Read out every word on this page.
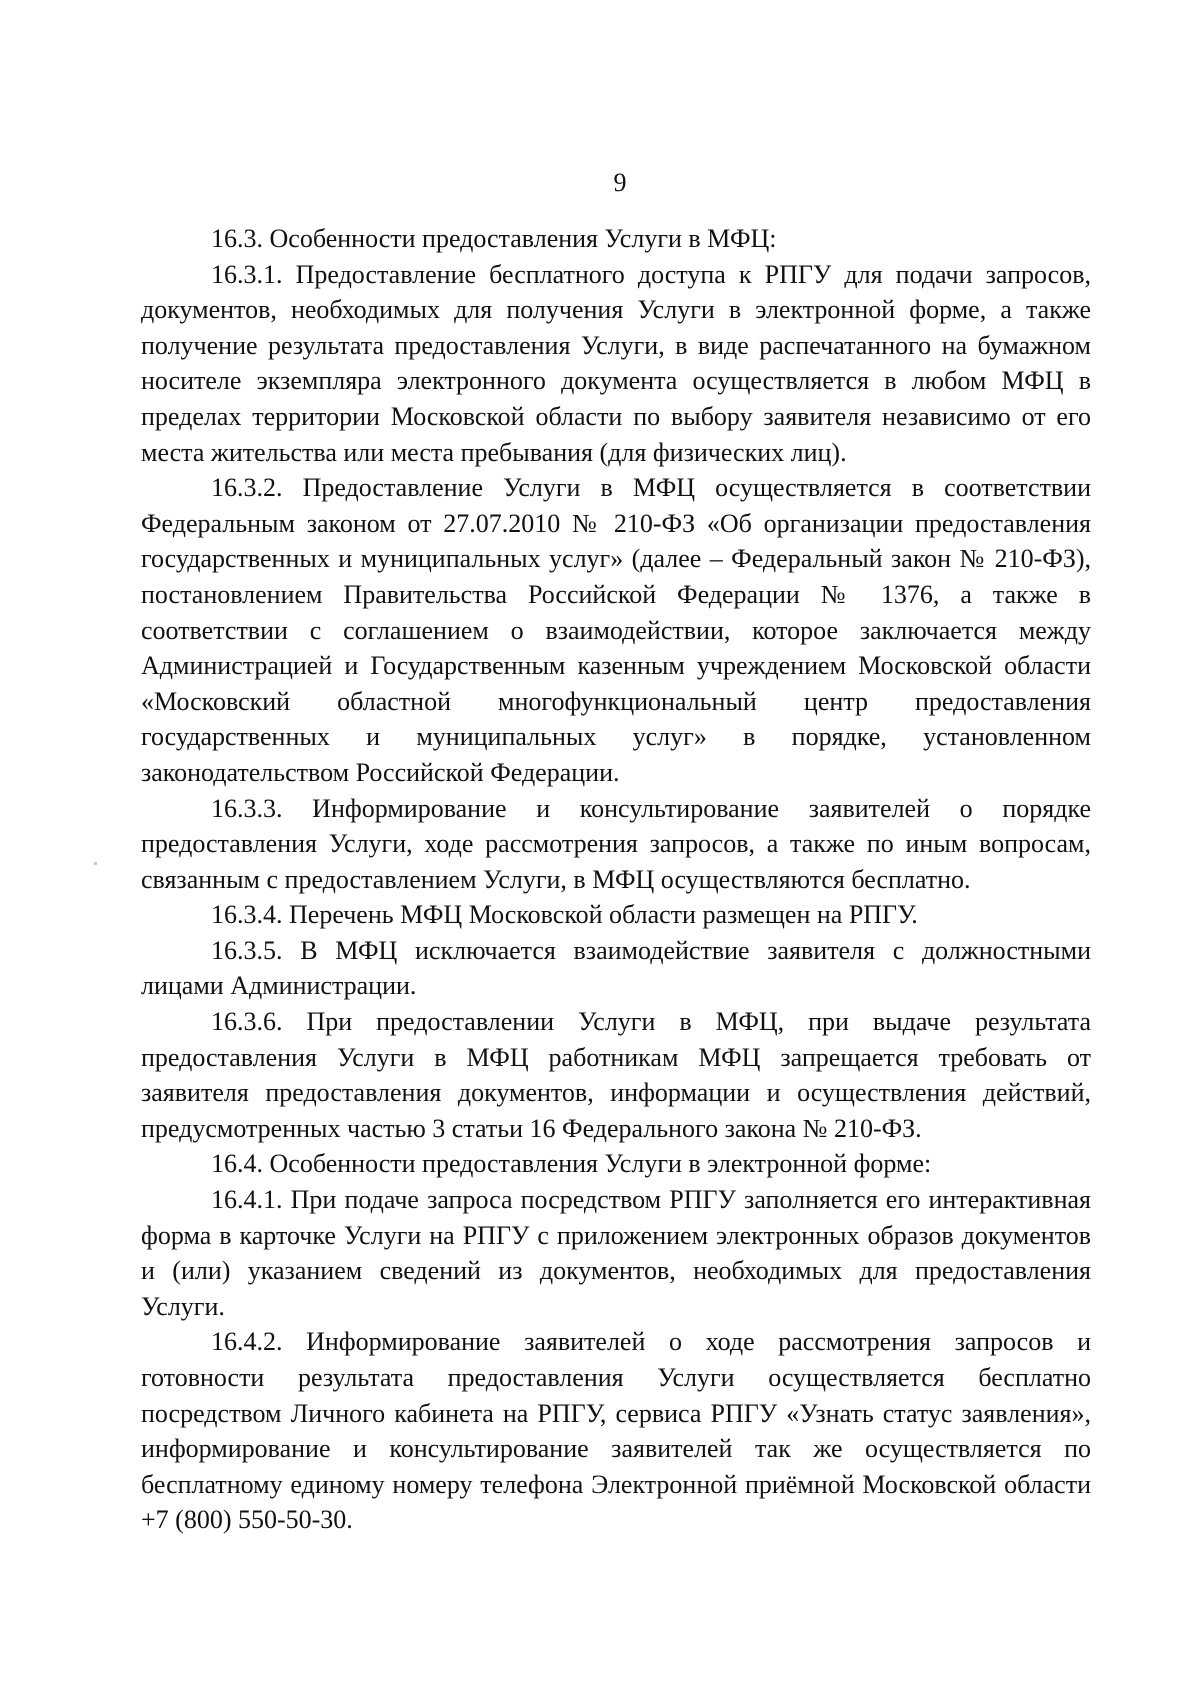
9

16.3. Особенности предоставления Услуги в МФЦ:

16.3.1. Предоставление бесплатного доступа к РПГУ для подачи запросов, документов, необходимых для получения Услуги в электронной форме, а также получение результата предоставления Услуги, в виде распечатанного на бумажном носителе экземпляра электронного документа осуществляется в любом МФЦ в пределах территории Московской области по выбору заявителя независимо от его места жительства или места пребывания (для физических лиц).

16.3.2. Предоставление Услуги в МФЦ осуществляется в соответствии Федеральным законом от 27.07.2010 № 210-ФЗ «Об организации предоставления государственных и муниципальных услуг» (далее – Федеральный закон № 210-ФЗ), постановлением Правительства Российской Федерации № 1376, а также в соответствии с соглашением о взаимодействии, которое заключается между Администрацией и Государственным казенным учреждением Московской области «Московский областной многофункциональный центр предоставления государственных и муниципальных услуг» в порядке, установленном законодательством Российской Федерации.

16.3.3. Информирование и консультирование заявителей о порядке предоставления Услуги, ходе рассмотрения запросов, а также по иным вопросам, связанным с предоставлением Услуги, в МФЦ осуществляются бесплатно.

16.3.4. Перечень МФЦ Московской области размещен на РПГУ.

16.3.5. В МФЦ исключается взаимодействие заявителя с должностными лицами Администрации.

16.3.6. При предоставлении Услуги в МФЦ, при выдаче результата предоставления Услуги в МФЦ работникам МФЦ запрещается требовать от заявителя предоставления документов, информации и осуществления действий, предусмотренных частью 3 статьи 16 Федерального закона № 210-ФЗ.

16.4. Особенности предоставления Услуги в электронной форме:

16.4.1. При подаче запроса посредством РПГУ заполняется его интерактивная форма в карточке Услуги на РПГУ с приложением электронных образов документов и (или) указанием сведений из документов, необходимых для предоставления Услуги.

16.4.2. Информирование заявителей о ходе рассмотрения запросов и готовности результата предоставления Услуги осуществляется бесплатно посредством Личного кабинета на РПГУ, сервиса РПГУ «Узнать статус заявления», информирование и консультирование заявителей так же осуществляется по бесплатному единому номеру телефона Электронной приёмной Московской области +7 (800) 550-50-30.
